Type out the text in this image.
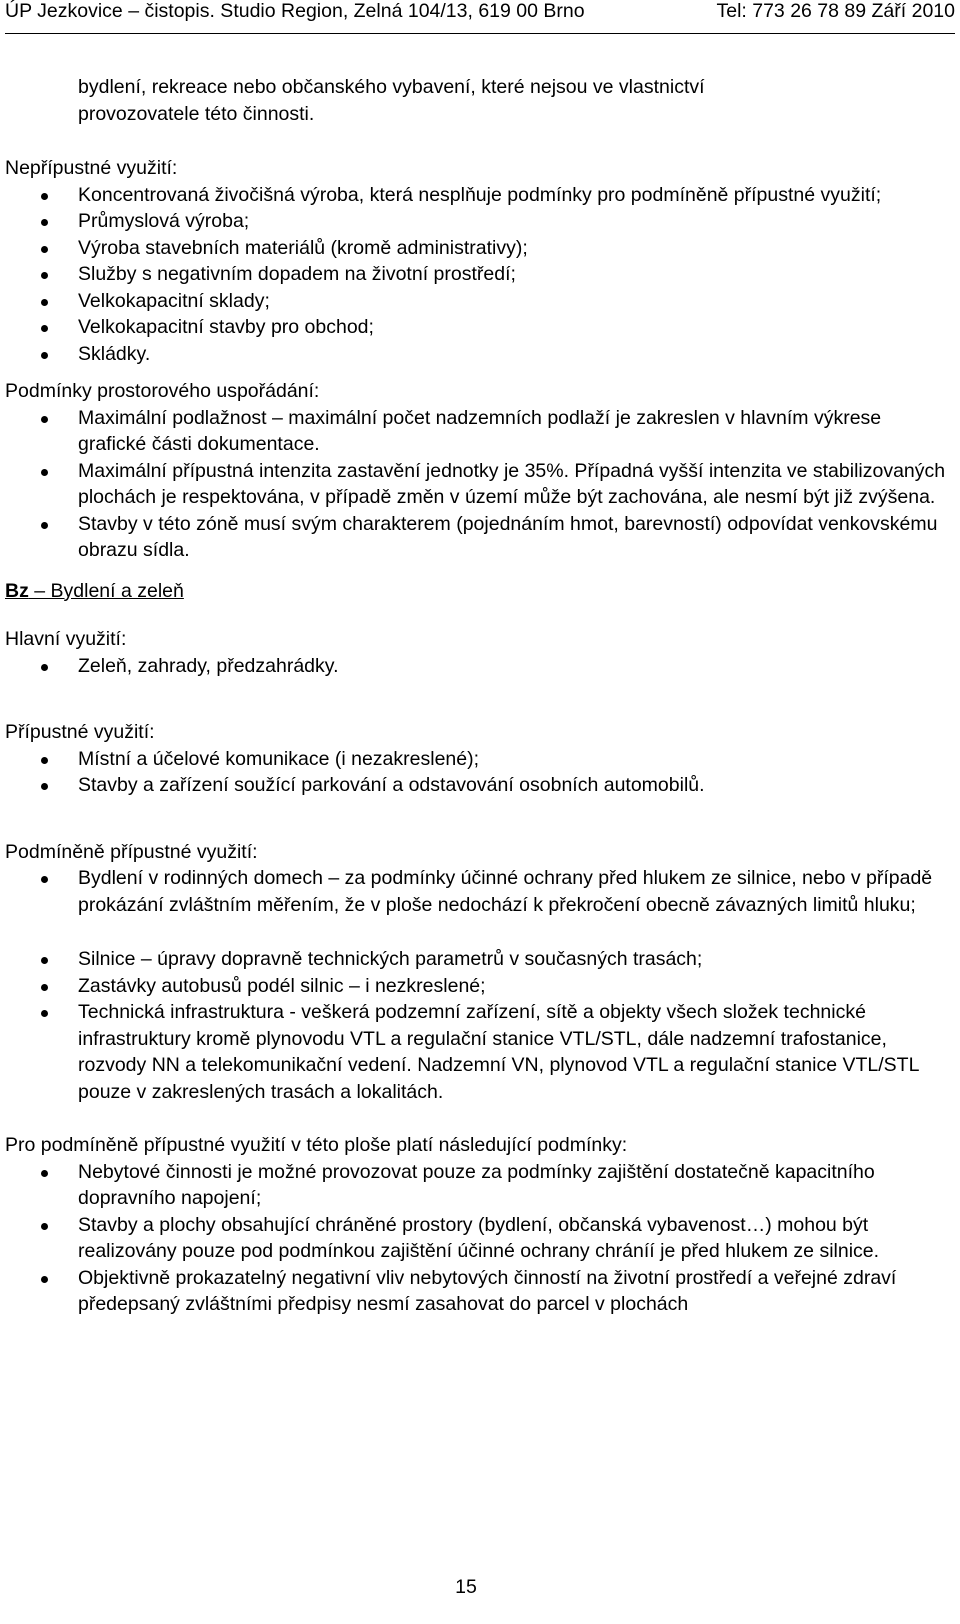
ÚP Jezkovice – čistopis. Studio Region, Zelná 104/13, 619 00 Brno	Tel: 773 26 78 89 Září 2010
bydlení, rekreace nebo občanského vybavení, které nejsou ve vlastnictví
provozovatele této činnosti.
Nepřípustné využití:
Koncentrovaná živočišná výroba, která nesplňuje podmínky pro podmíněně přípustné využití;
Průmyslová výroba;
Výroba stavebních materiálů (kromě administrativy);
Služby s negativním dopadem na životní prostředí;
Velkokapacitní sklady;
Velkokapacitní stavby pro obchod;
Skládky.
Podmínky prostorového uspořádání:
Maximální podlažnost – maximální počet nadzemních podlaží je zakreslen v hlavním výkrese grafické části dokumentace.
Maximální přípustná intenzita zastavění jednotky je 35%. Případná vyšší intenzita ve stabilizovaných plochách je respektována, v případě změn v území může být zachována, ale nesmí být již zvýšena.
Stavby v této zóně musí svým charakterem (pojednáním hmot, barevností) odpovídat venkovskému obrazu sídla.
Bz – Bydlení a zeleň
Hlavní využití:
Zeleň, zahrady, předzahrádky.
Přípustné využití:
Místní a účelové komunikace (i nezakreslené);
Stavby a zařízení soužící parkování a odstavování osobních automobilů.
Podmíněně přípustné využití:
Bydlení v rodinných domech – za podmínky účinné ochrany před hlukem ze silnice, nebo v případě prokázání zvláštním měřením, že v ploše nedochází k překročení obecně závazných limitů hluku;
Silnice – úpravy dopravně technických parametrů v současných trasách;
Zastávky autobusů podél silnic – i nezkreslené;
Technická infrastruktura - veškerá podzemní zařízení, sítě a objekty všech složek technické infrastruktury kromě plynovodu VTL a regulační stanice VTL/STL, dále nadzemní trafostanice, rozvody NN a telekomunikační vedení. Nadzemní VN, plynovod VTL a regulační stanice VTL/STL pouze v zakreslených trasách a lokalitách.
Pro podmíněně přípustné využití v této ploše platí následující podmínky:
Nebytové činnosti je možné provozovat pouze za podmínky zajištění dostatečně kapacitního dopravního napojení;
Stavby a plochy obsahující chráněné prostory (bydlení, občanská vybavenost…) mohou být realizovány pouze pod podmínkou zajištění účinné ochrany chráníí je před hlukem ze silnice.
Objektivně prokazatelný negativní vliv nebytových činností na životní prostředí a veřejné zdraví předepsaný zvláštními předpisy nesmí zasahovat do parcel v plochách
15
